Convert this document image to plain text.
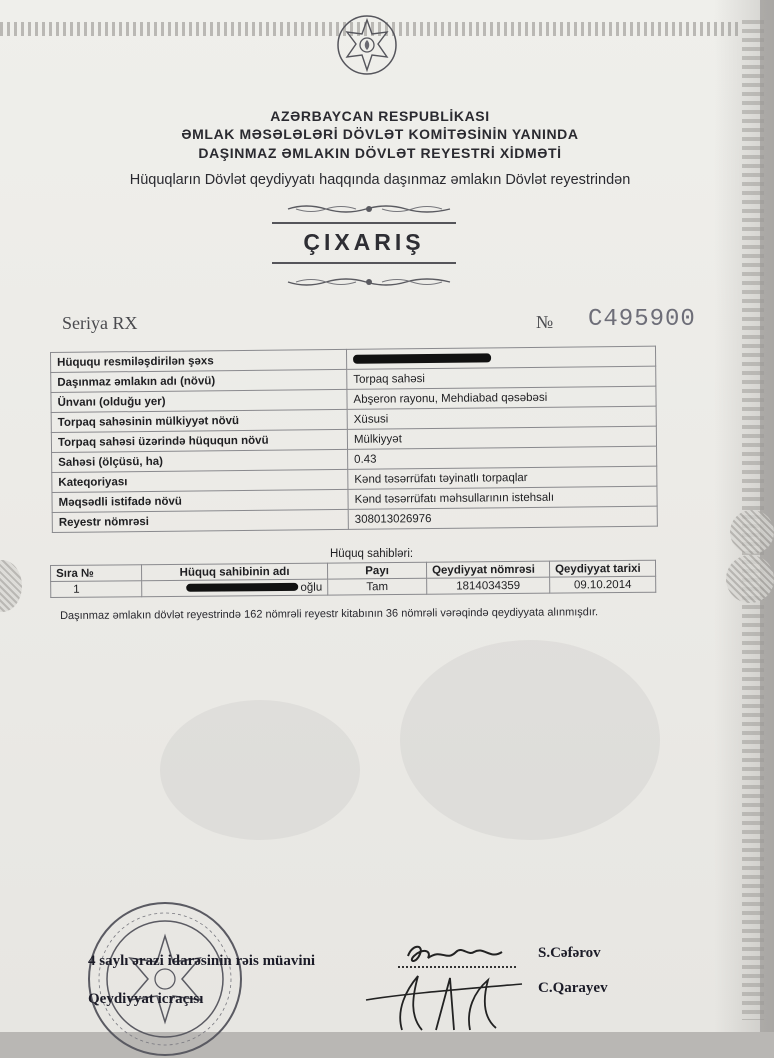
AZƏRBAYCAN RESPUBLİKASI
ƏMLAK MƏSƏLƏLƏRİ DÖVLƏT KOMİTƏSİNİN YANINDA
DAŞINMAZ ƏMLAKIN DÖVLƏT REYESTRİ XİDMƏTİ
Hüquqların Dövlət qeydiyyatı haqqında daşınmaz əmlakın Dövlət reyestrindən
ÇIXARIŞ
Seriya RX	№ C495900
Hüququ resmiləşdirilən şəxs	
Daşınmaz əmlakın adı (növü)	Torpaq sahəsi
Ünvanı (olduğu yer)	Abşeron rayonu, Mehdiabad qəsəbəsi
Torpaq sahəsinin mülkiyyət növü	Xüsusi
Torpaq sahəsi üzərində hüququn növü	Mülkiyyət
Sahəsi (ölçüsü, ha)	0.43
Kateqoriyası	Kənd təsərrüfatı təyinatlı torpaqlar
Məqsədli istifadə növü	Kənd təsərrüfatı məhsullarının istehsalı
Reyestr nömrəsi	308013026976
Hüquq sahibləri:
Sıra №	Hüquq sahibinin adı	Payı	Qeydiyyat nömrəsi	Qeydiyyat tarixi
1	oğlu	Tam	1814034359	09.10.2014
Daşınmaz əmlakın dövlət reyestrində 162 nömrəli reyestr kitabının 36 nömrəli vərəqində qeydiyyata alınmışdır.
4 saylı ərazi idarəsinin rəis müavini
Qeydiyyat icraçısı
S.Cəfərov
C.Qarayev
